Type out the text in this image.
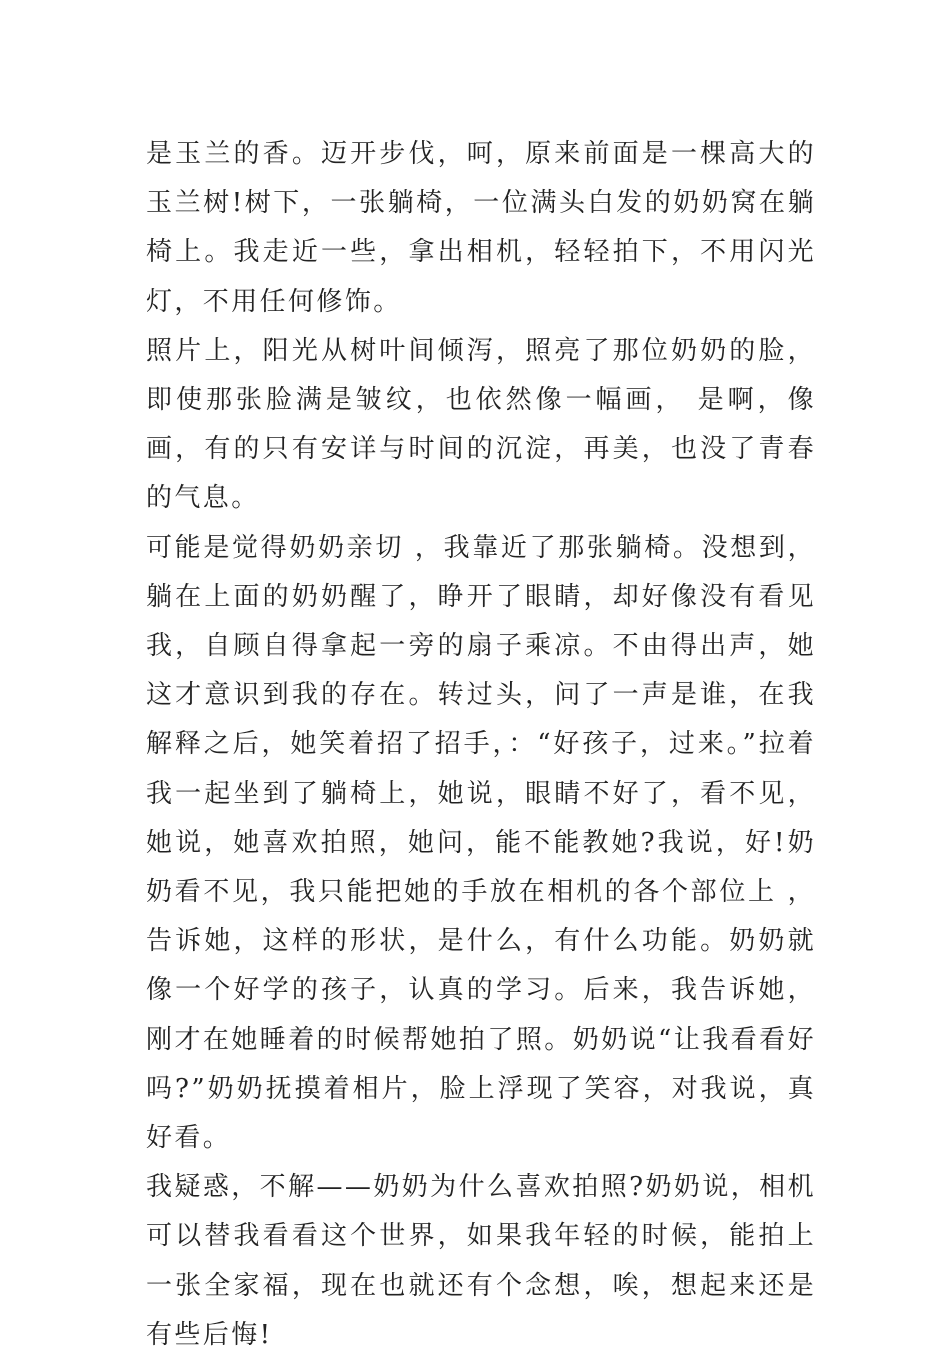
是玉兰的香。迈开步伐，呵，原来前面是一棵高大的玉兰树!树下，一张躺椅，一位满头白发的奶奶窝在躺椅上。我走近一些，拿出相机，轻轻拍下，不用闪光灯，不用任何修饰。

照片上，阳光从树叶间倾泻，照亮了那位奶奶的脸，即使那张脸满是皱纹，也依然像一幅画， 是啊，像画，有的只有安详与时间的沉淀，再美，也没了青春的气息。

可能是觉得奶奶亲切 ，我靠近了那张躺椅。没想到，躺在上面的奶奶醒了，睁开了眼睛，却好像没有看见我，自顾自得拿起一旁的扇子乘凉。不由得出声，她这才意识到我的存在。转过头，问了一声是谁，在我解释之后，她笑着招了招手，：“好孩子，过来。”拉着我一起坐到了躺椅上，她说，眼睛不好了，看不见，她说，她喜欢拍照，她问，能不能教她?我说，好!奶奶看不见，我只能把她的手放在相机的各个部位上 ，告诉她，这样的形状，是什么，有什么功能。奶奶就像一个好学的孩子，认真的学习。后来，我告诉她，刚才在她睡着的时候帮她拍了照。奶奶说“让我看看好吗?”奶奶抚摸着相片，脸上浮现了笑容，对我说，真好看。

我疑惑，不解——奶奶为什么喜欢拍照?奶奶说，相机可以替我看看这个世界，如果我年轻的时候，能拍上一张全家福，现在也就还有个念想，唉，想起来还是有些后悔!
